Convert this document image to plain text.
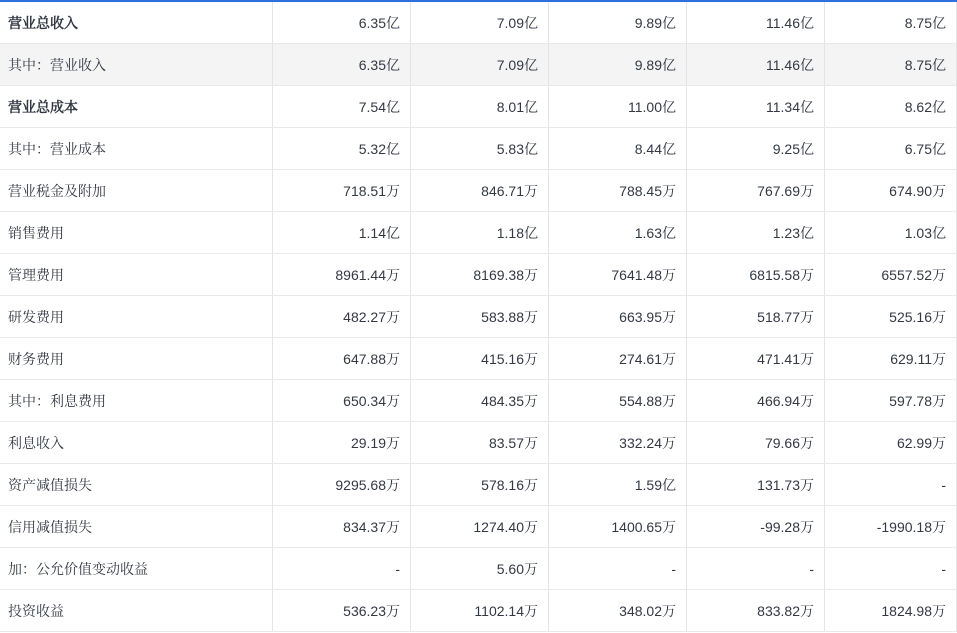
营业总收入	6.35亿	7.09亿	9.89亿	11.46亿	8.75亿
其中：营业收入	6.35亿	7.09亿	9.89亿	11.46亿	8.75亿
营业总成本	7.54亿	8.01亿	11.00亿	11.34亿	8.62亿
其中：营业成本	5.32亿	5.83亿	8.44亿	9.25亿	6.75亿
营业税金及附加	718.51万	846.71万	788.45万	767.69万	674.90万
销售费用	1.14亿	1.18亿	1.63亿	1.23亿	1.03亿
管理费用	8961.44万	8169.38万	7641.48万	6815.58万	6557.52万
研发费用	482.27万	583.88万	663.95万	518.77万	525.16万
财务费用	647.88万	415.16万	274.61万	471.41万	629.11万
其中：利息费用	650.34万	484.35万	554.88万	466.94万	597.78万
利息收入	29.19万	83.57万	332.24万	79.66万	62.99万
资产减值损失	9295.68万	578.16万	1.59亿	131.73万	-
信用减值损失	834.37万	1274.40万	1400.65万	-99.28万	-1990.18万
加：公允价值变动收益	-	5.60万	-	-	-
投资收益	536.23万	1102.14万	348.02万	833.82万	1824.98万
